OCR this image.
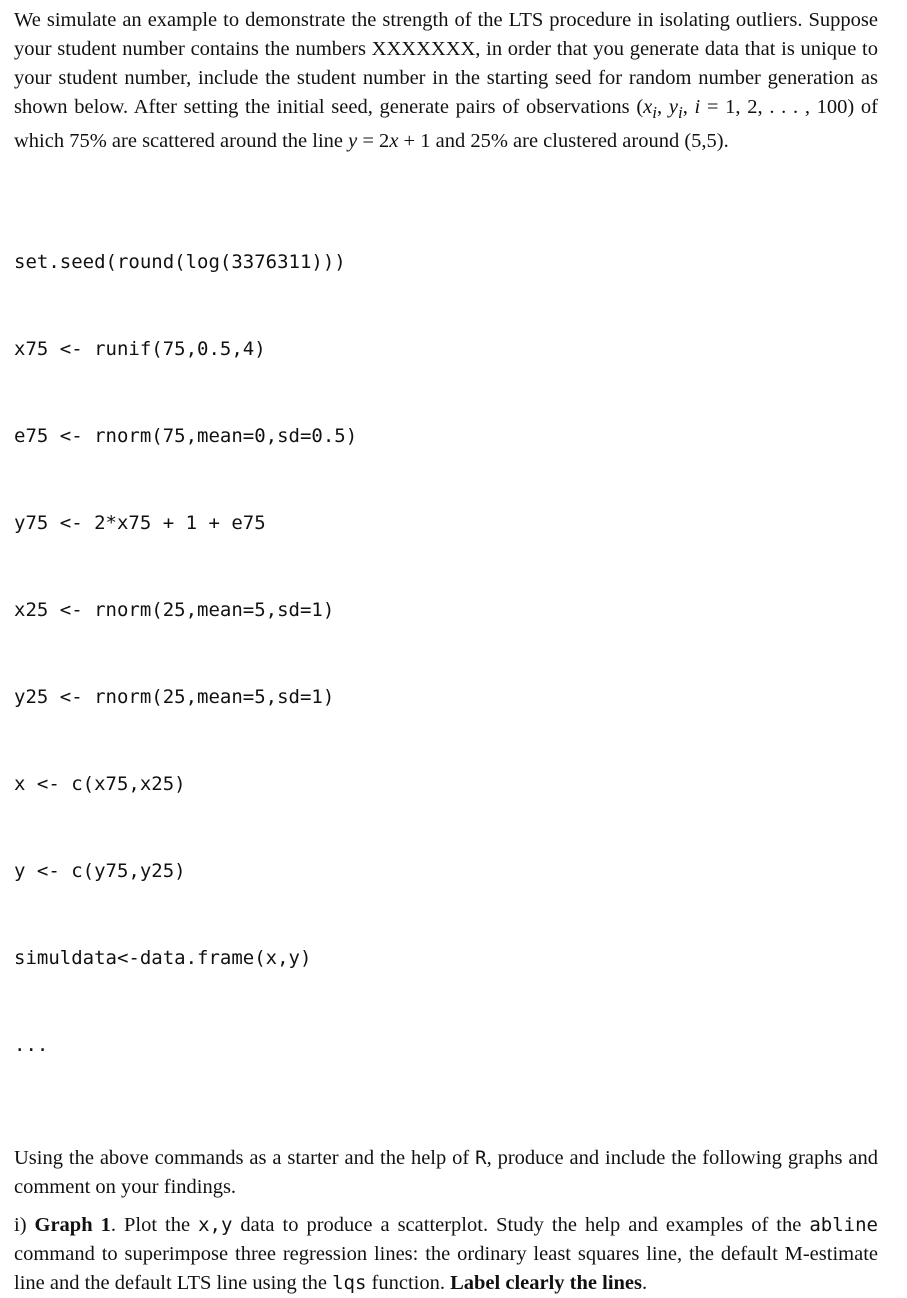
We simulate an example to demonstrate the strength of the LTS procedure in isolating outliers. Suppose your student number contains the numbers XXXXXXX, in order that you generate data that is unique to your student number, include the student number in the starting seed for random number generation as shown below. After setting the initial seed, generate pairs of observations ($x_i$, $y_i$, i = 1, 2, . . . , 100) of which 75% are scattered around the line y = 2x + 1 and 25% are clustered around (5,5).

set.seed(round(log(3376311)))

x75 <- runif(75,0.5,4)

e75 <- rnorm(75,mean=0,sd=0.5)

y75 <- 2*x75 + 1 + e75

x25 <- rnorm(25,mean=5,sd=1)

y25 <- rnorm(25,mean=5,sd=1)

x <- c(x75,x25)

y <- c(y75,y25)

simuldata<-data.frame(x,y)

...

Using the above commands as a starter and the help of R, produce and include the following graphs and comment on your findings.

i) Graph 1. Plot the x,y data to produce a scatterplot. Study the help and examples of the abline command to superimpose three regression lines: the ordinary least squares line, the default M-estimate line and the default LTS line using the lqs function. Label clearly the lines.
